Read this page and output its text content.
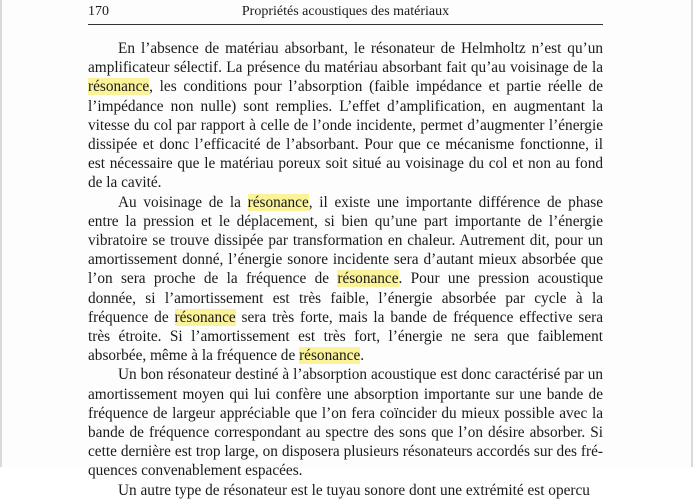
170	Propriétés acoustiques des matériaux

En l’absence de matériau absorbant, le résonateur de Helmholtz n’est qu’un amplificateur sélectif. La présence du matériau absorbant fait qu’au voisinage de la résonance, les conditions pour l’absorption (faible impédance et partie réelle de l’impédance non nulle) sont remplies. L’effet d’amplification, en augmentant la vitesse du col par rapport à celle de l’onde incidente, permet d’augmenter l’énergie dissipée et donc l’efficacité de l’absorbant. Pour que ce mécanisme fonctionne, il est nécessaire que le matériau poreux soit situé au voisinage du col et non au fond de la cavité.

Au voisinage de la résonance, il existe une importante différence de phase entre la pression et le déplacement, si bien qu’une part importante de l’énergie vibratoire se trouve dissipée par transformation en chaleur. Autrement dit, pour un amortissement donné, l’énergie sonore incidente sera d’autant mieux absorbée que l’on sera proche de la fréquence de résonance. Pour une pression acoustique donnée, si l’amortissement est très faible, l’énergie absorbée par cycle à la fréquence de résonance sera très forte, mais la bande de fréquence effective sera très étroite. Si l’amortissement est très fort, l’énergie ne sera que faiblement absorbée, même à la fréquence de résonance.

Un bon résonateur destiné à l’absorption acoustique est donc caractérisé par un amortissement moyen qui lui confère une absorption importante sur une bande de fréquence de largeur appréciable que l’on fera coïncider du mieux possible avec la bande de fréquence correspondant au spectre des sons que l’on désire absorber. Si cette dernière est trop large, on disposera plusieurs résonateurs accordés sur des fréquences convenablement espacées.

Un autre type de résonateur est le tuyau sonore dont une extrémité est opercu
